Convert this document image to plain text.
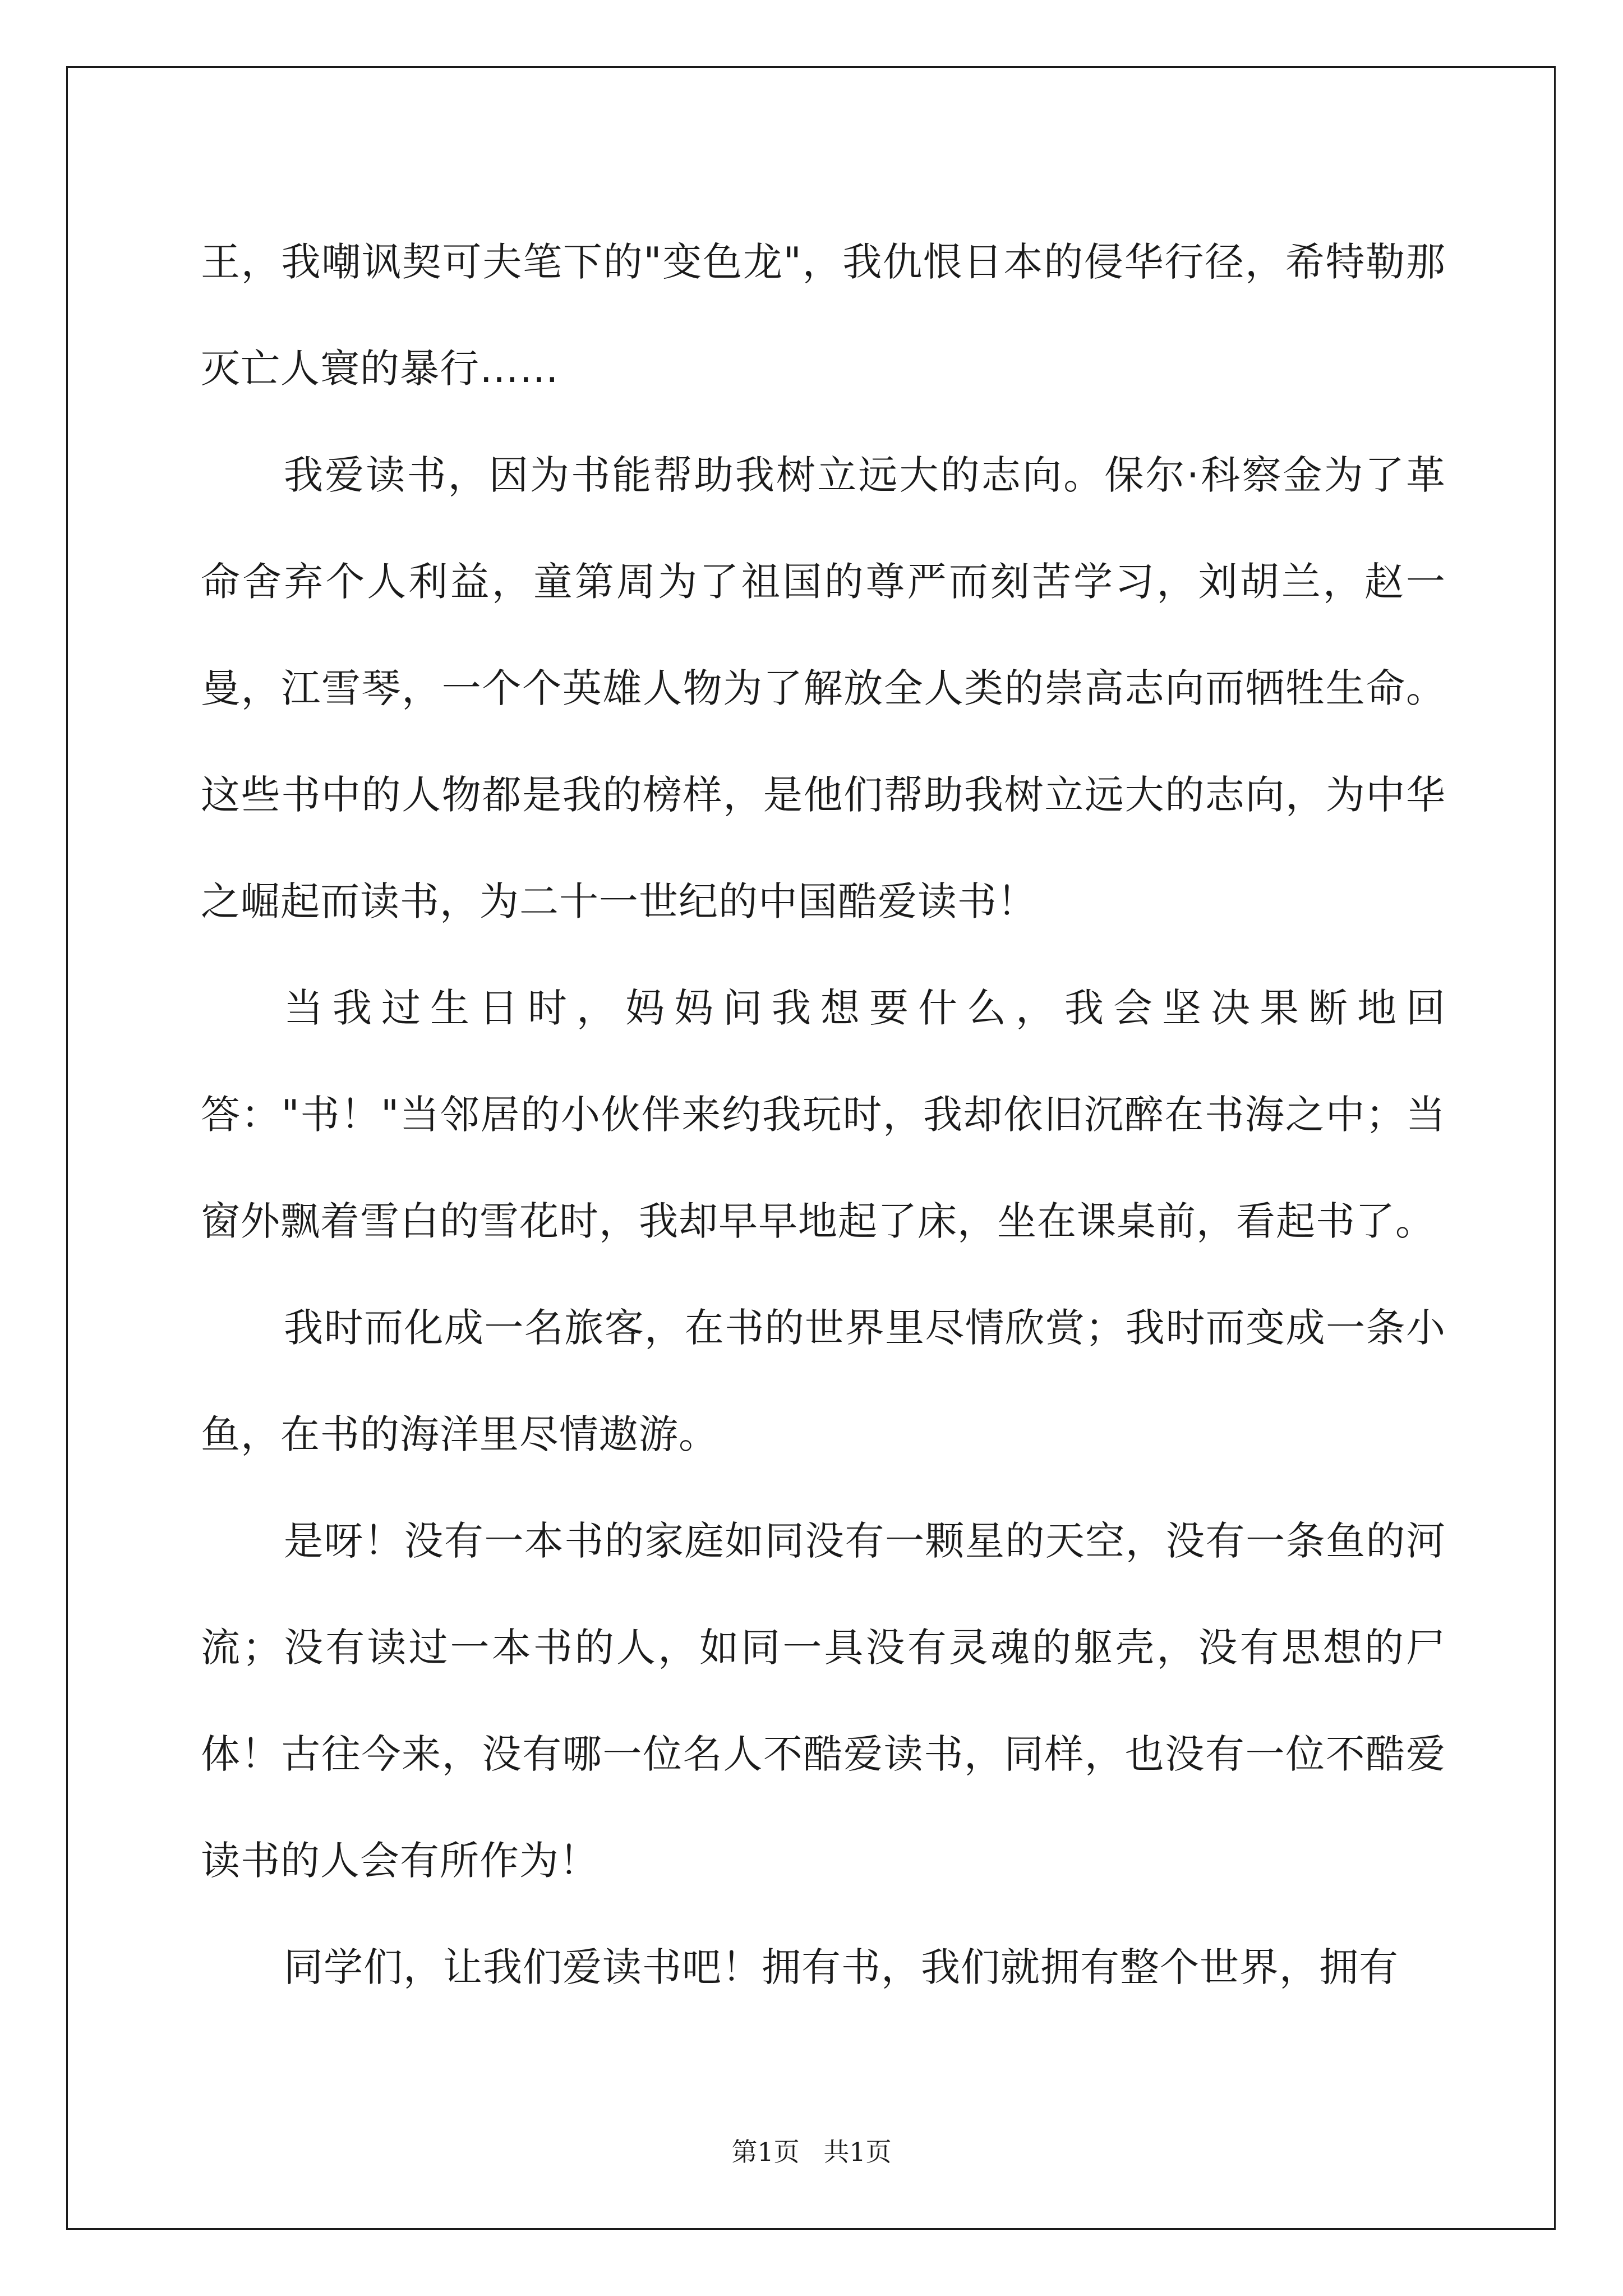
王，我嘲讽契可夫笔下的"变色龙"，我仇恨日本的侵华行径，希特勒那灭亡人寰的暴行……

我爱读书，因为书能帮助我树立远大的志向。保尔·科察金为了革命舍弃个人利益，童第周为了祖国的尊严而刻苦学习，刘胡兰，赵一曼，江雪琴，一个个英雄人物为了解放全人类的崇高志向而牺牲生命。这些书中的人物都是我的榜样，是他们帮助我树立远大的志向，为中华之崛起而读书，为二十一世纪的中国酷爱读书！

当我过生日时，妈妈问我想要什么，我会坚决果断地回答："书！"当邻居的小伙伴来约我玩时，我却依旧沉醉在书海之中；当窗外飘着雪白的雪花时，我却早早地起了床，坐在课桌前，看起书了。

我时而化成一名旅客，在书的世界里尽情欣赏；我时而变成一条小鱼，在书的海洋里尽情遨游。

是呀！没有一本书的家庭如同没有一颗星的天空，没有一条鱼的河流；没有读过一本书的人，如同一具没有灵魂的躯壳，没有思想的尸体！古往今来，没有哪一位名人不酷爱读书，同样，也没有一位不酷爱读书的人会有所作为！

同学们，让我们爱读书吧！拥有书，我们就拥有整个世界，拥有

第1页 共1页
